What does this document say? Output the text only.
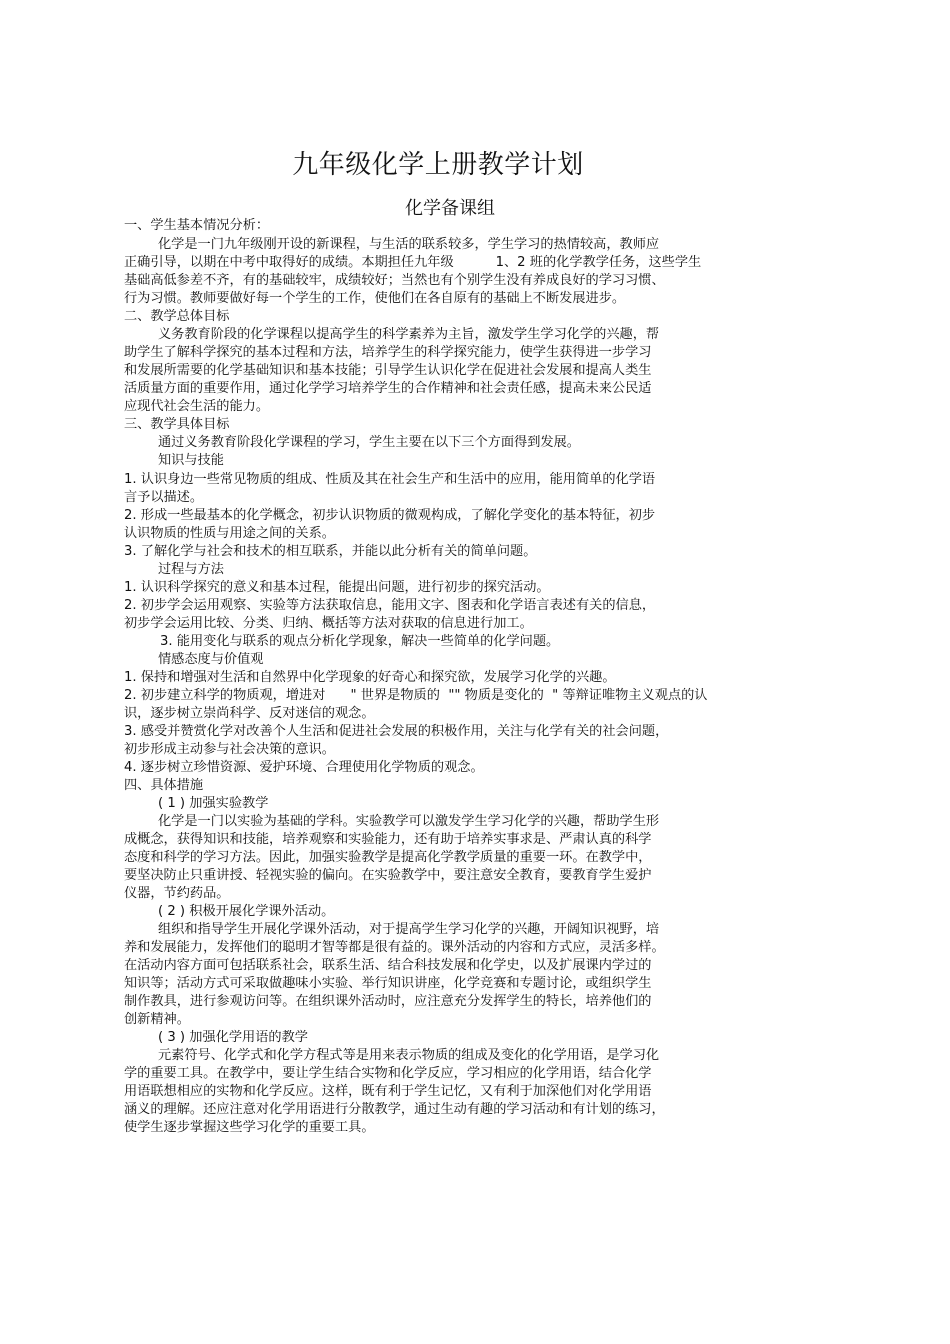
九年级化学上册教学计划
化学备课组
一、学生基本情况分析：
化学是一门九年级刚开设的新课程，与生活的联系较多，学生学习的热情较高，教师应
正确引导，以期在中考中取得好的成绩。本期担任九年级          1、2 班的化学教学任务，这些学生
基础高低参差不齐，有的基础较牢，成绩较好；当然也有个别学生没有养成良好的学习习惯、
行为习惯。教师要做好每一个学生的工作，使他们在各自原有的基础上不断发展进步。
二、教学总体目标
义务教育阶段的化学课程以提高学生的科学素养为主旨，激发学生学习化学的兴趣，帮
助学生了解科学探究的基本过程和方法，培养学生的科学探究能力，使学生获得进一步学习
和发展所需要的化学基础知识和基本技能；引导学生认识化学在促进社会发展和提高人类生
活质量方面的重要作用，通过化学学习培养学生的合作精神和社会责任感，提高未来公民适
应现代社会生活的能力。
三、教学具体目标
通过义务教育阶段化学课程的学习，学生主要在以下三个方面得到发展。
知识与技能
1. 认识身边一些常见物质的组成、性质及其在社会生产和生活中的应用，能用简单的化学语
言予以描述。
2. 形成一些最基本的化学概念，初步认识物质的微观构成，了解化学变化的基本特征，初步
认识物质的性质与用途之间的关系。
3. 了解化学与社会和技术的相互联系，并能以此分析有关的简单问题。
过程与方法
1. 认识科学探究的意义和基本过程，能提出问题，进行初步的探究活动。
2. 初步学会运用观察、实验等方法获取信息，能用文字、图表和化学语言表述有关的信息，
初步学会运用比较、分类、归纳、概括等方法对获取的信息进行加工。
3. 能用变化与联系的观点分析化学现象，解决一些简单的化学问题。
情感态度与价值观
1. 保持和增强对生活和自然界中化学现象的好奇心和探究欲，发展学习化学的兴趣。
2. 初步建立科学的物质观，增进对      " 世界是物质的  "" 物质是变化的  " 等辩证唯物主义观点的认
识，逐步树立崇尚科学、反对迷信的观念。
3. 感受并赞赏化学对改善个人生活和促进社会发展的积极作用，关注与化学有关的社会问题，
初步形成主动参与社会决策的意识。
4. 逐步树立珍惜资源、爱护环境、合理使用化学物质的观念。
四、具体措施
( 1 ) 加强实验教学
化学是一门以实验为基础的学科。实验教学可以激发学生学习化学的兴趣，帮助学生形
成概念，获得知识和技能，培养观察和实验能力，还有助于培养实事求是、严肃认真的科学
态度和科学的学习方法。因此，加强实验教学是提高化学教学质量的重要一环。在教学中，
要坚决防止只重讲授、轻视实验的偏向。在实验教学中，要注意安全教育，要教育学生爱护
仪器，节约药品。
( 2 ) 积极开展化学课外活动。
组织和指导学生开展化学课外活动，对于提高学生学习化学的兴趣，开阔知识视野，培
养和发展能力，发挥他们的聪明才智等都是很有益的。课外活动的内容和方式应，灵活多样。
在活动内容方面可包括联系社会，联系生活、结合科技发展和化学史，以及扩展课内学过的
知识等；活动方式可采取做趣味小实验、举行知识讲座，化学竞赛和专题讨论，或组织学生
制作教具，进行参观访问等。在组织课外活动时，应注意充分发挥学生的特长，培养他们的
创新精神。
( 3 ) 加强化学用语的教学
元素符号、化学式和化学方程式等是用来表示物质的组成及变化的化学用语，是学习化
学的重要工具。在教学中，要让学生结合实物和化学反应，学习相应的化学用语，结合化学
用语联想相应的实物和化学反应。这样，既有利于学生记忆，又有利于加深他们对化学用语
涵义的理解。还应注意对化学用语进行分散教学，通过生动有趣的学习活动和有计划的练习，
使学生逐步掌握这些学习化学的重要工具。
